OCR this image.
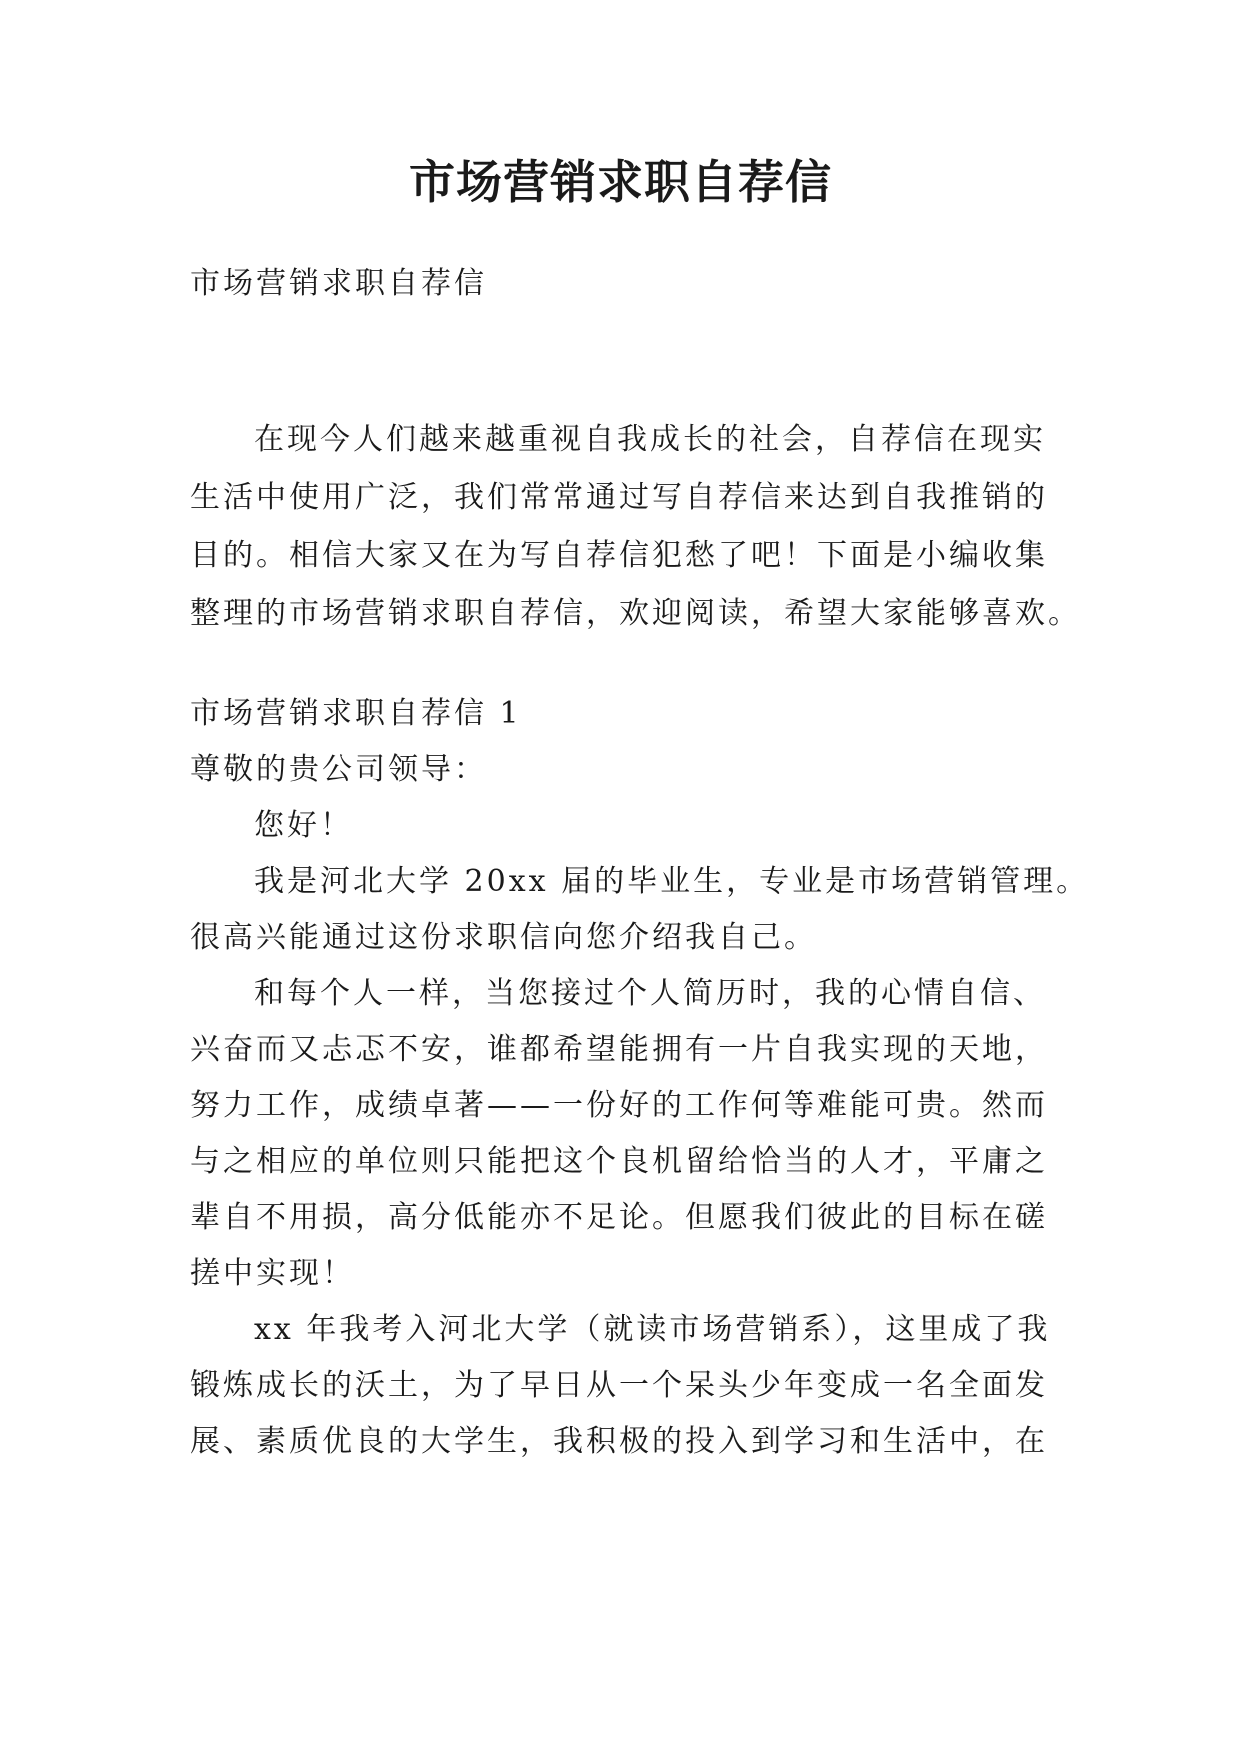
市场营销求职自荐信
市场营销求职自荐信
在现今人们越来越重视自我成长的社会，自荐信在现实
生活中使用广泛，我们常常通过写自荐信来达到自我推销的
目的。相信大家又在为写自荐信犯愁了吧！下面是小编收集
整理的市场营销求职自荐信，欢迎阅读，希望大家能够喜欢。
市场营销求职自荐信 1
尊敬的贵公司领导：
您好！
我是河北大学 20xx 届的毕业生，专业是市场营销管理。
很高兴能通过这份求职信向您介绍我自己。
和每个人一样，当您接过个人简历时，我的心情自信、
兴奋而又忐忑不安，谁都希望能拥有一片自我实现的天地，
努力工作，成绩卓著——一份好的工作何等难能可贵。然而
与之相应的单位则只能把这个良机留给恰当的人才，平庸之
辈自不用损，高分低能亦不足论。但愿我们彼此的目标在磋
搓中实现！
xx 年我考入河北大学（就读市场营销系），这里成了我
锻炼成长的沃土，为了早日从一个呆头少年变成一名全面发
展、素质优良的大学生，我积极的投入到学习和生活中，在
